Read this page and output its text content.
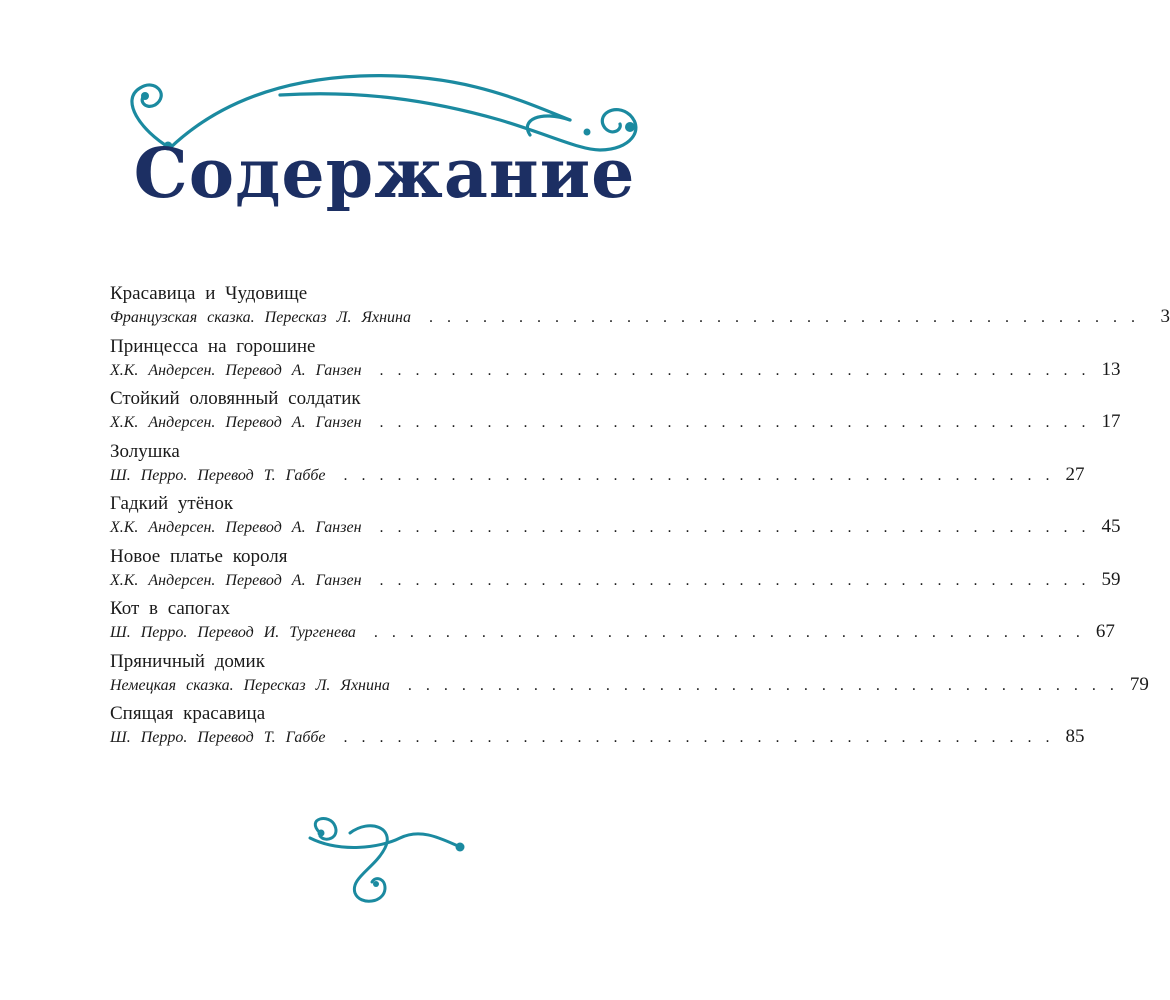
Содержание
Красавица и Чудовище
Французская сказка. Пересказ Л. Яхнина . . . . . . . . . . . . . . . . . . . . . . . . . . . . . . . . . . . . . . . .	3
Принцесса на горошине
Х.К. Андерсен. Перевод А. Ганзен . . . . . . . . . . . . . . . . . . . . . . . . . . . . . . . . . . . . . . . . 13
Стойкий оловянный солдатик
Х.К. Андерсен. Перевод А. Ганзен . . . . . . . . . . . . . . . . . . . . . . . . . . . . . . . . . . . . . . . . 17
Золушка
Ш. Перро. Перевод Т. Габбе . . . . . . . . . . . . . . . . . . . . . . . . . . . . . . . . . . . . . . . . 27
Гадкий утёнок
Х.К. Андерсен. Перевод А. Ганзен . . . . . . . . . . . . . . . . . . . . . . . . . . . . . . . . . . . . . . . . 45
Новое платье короля
Х.К. Андерсен. Перевод А. Ганзен . . . . . . . . . . . . . . . . . . . . . . . . . . . . . . . . . . . . . . . . 59
Кот в сапогах
Ш. Перро. Перевод И. Тургенева . . . . . . . . . . . . . . . . . . . . . . . . . . . . . . . . . . . . . . . . 67
Пряничный домик
Немецкая сказка. Пересказ Л. Яхнина . . . . . . . . . . . . . . . . . . . . . . . . . . . . . . . . . . . . . . . . 79
Спящая красавица
Ш. Перро. Перевод Т. Габбе . . . . . . . . . . . . . . . . . . . . . . . . . . . . . . . . . . . . . . . . 85
